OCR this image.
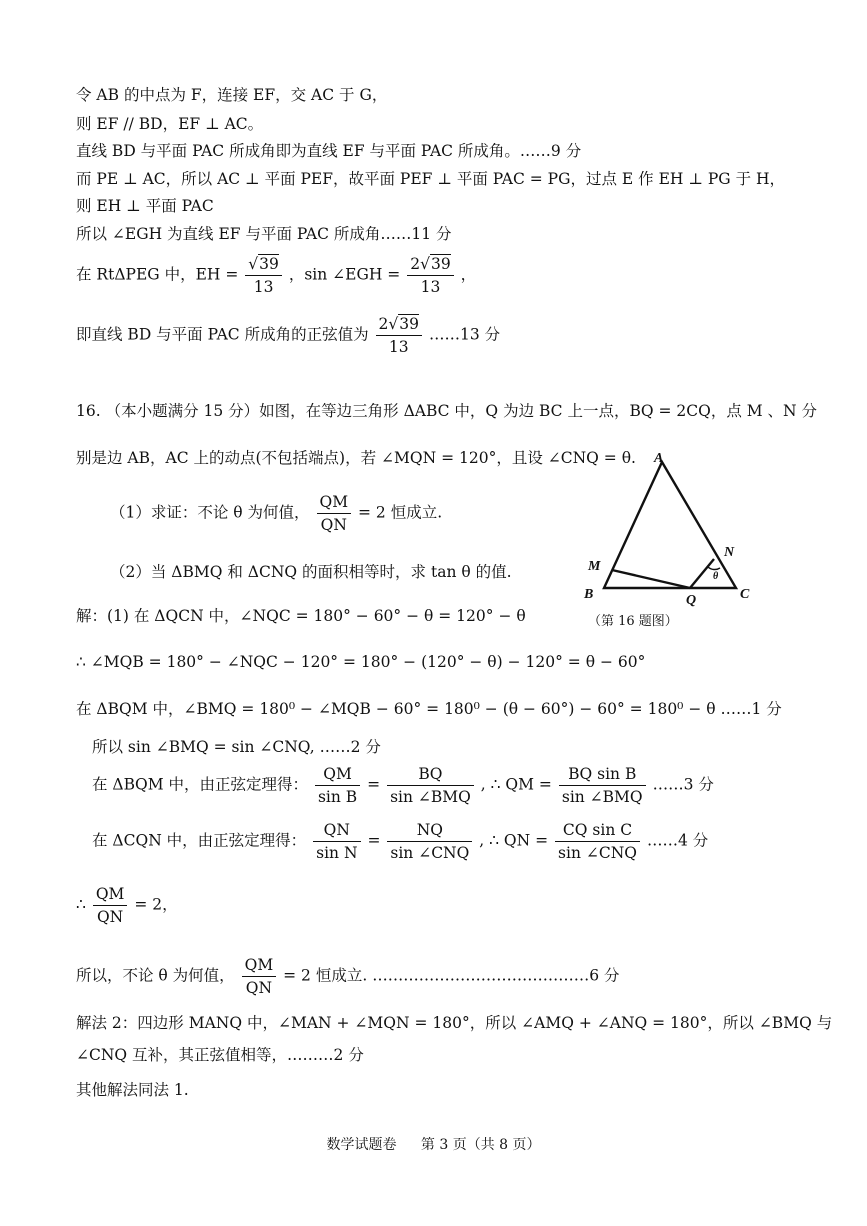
令 AB 的中点为 F，连接 EF，交 AC 于 G，
则 EF // BD，EF ⊥ AC。
直线 BD 与平面 PAC 所成角即为直线 EF 与平面 PAC 所成角。……9 分
而 PE ⊥ AC，所以 AC ⊥ 平面 PEF，故平面 PEF ⊥ 平面 PAC = PG，过点 E 作 EH ⊥ PG 于 H，
则 EH ⊥ 平面 PAC
所以 ∠EGH 为直线 EF 与平面 PAC 所成角……11 分
在 RtΔPEG 中，EH = $\frac{√39}{13}$ ，sin ∠EGH = $\frac{2√39}{13}$ ，
即直线 BD 与平面 PAC 所成角的正弦值为 $\frac{2√39}{13}$ ……13 分
16. （本小题满分 15 分）如图，在等边三角形 ΔABC 中，Q 为边 BC 上一点，BQ = 2CQ，点 M 、N 分
别是边 AB，AC 上的动点(不包括端点)，若 ∠MQN = 120°，且设 ∠CNQ = θ.
（1）求证：不论 θ 为何值， $\frac{QM}{QN} = 2$ 恒成立.
（2）当 ΔBMQ 和 ΔCNQ 的面积相等时，求 tan θ 的值.
解：(1) 在 ΔQCN 中，∠NQC = 180° − 60° − θ = 120° − θ
∴ ∠MQB = 180° − ∠NQC − 120° = 180° − (120° − θ) − 120° = θ − 60°
在 ΔBQM 中，∠BMQ = 180⁰ − ∠MQB − 60° = 180⁰ − (θ − 60°) − 60° = 180⁰ − θ ……1 分
所以 sin ∠BMQ = sin ∠CNQ, ……2 分
在 ΔBQM 中，由正弦定理得： $\frac{QM}{\text{sin B}} = \frac{BQ}{\text{sin ∠BMQ}}$ , ∴ QM = $\frac{\text{BQ sin B}}{\text{sin ∠BMQ}}$ ……3 分
在 ΔCQN 中，由正弦定理得： $\frac{QN}{\text{sin N}} = \frac{NQ}{\text{sin ∠CNQ}}$ , ∴ QN = $\frac{\text{CQ sin C}}{\text{sin ∠CNQ}}$ ……4 分
∴ $\frac{QM}{QN} = 2$，
所以，不论 θ 为何值， $\frac{QM}{QN} = 2$ 恒成立. ……………………………………6 分
解法 2：四边形 MANQ 中，∠MAN + ∠MQN = 180°，所以 ∠AMQ + ∠ANQ = 180°，所以 ∠BMQ 与
∠CNQ 互补，其正弦值相等，………2 分
其他解法同法 1.
A
B	C
M
N
Q
θ
（第 16 题图）
数学试题卷 第 3 页（共 8 页）
